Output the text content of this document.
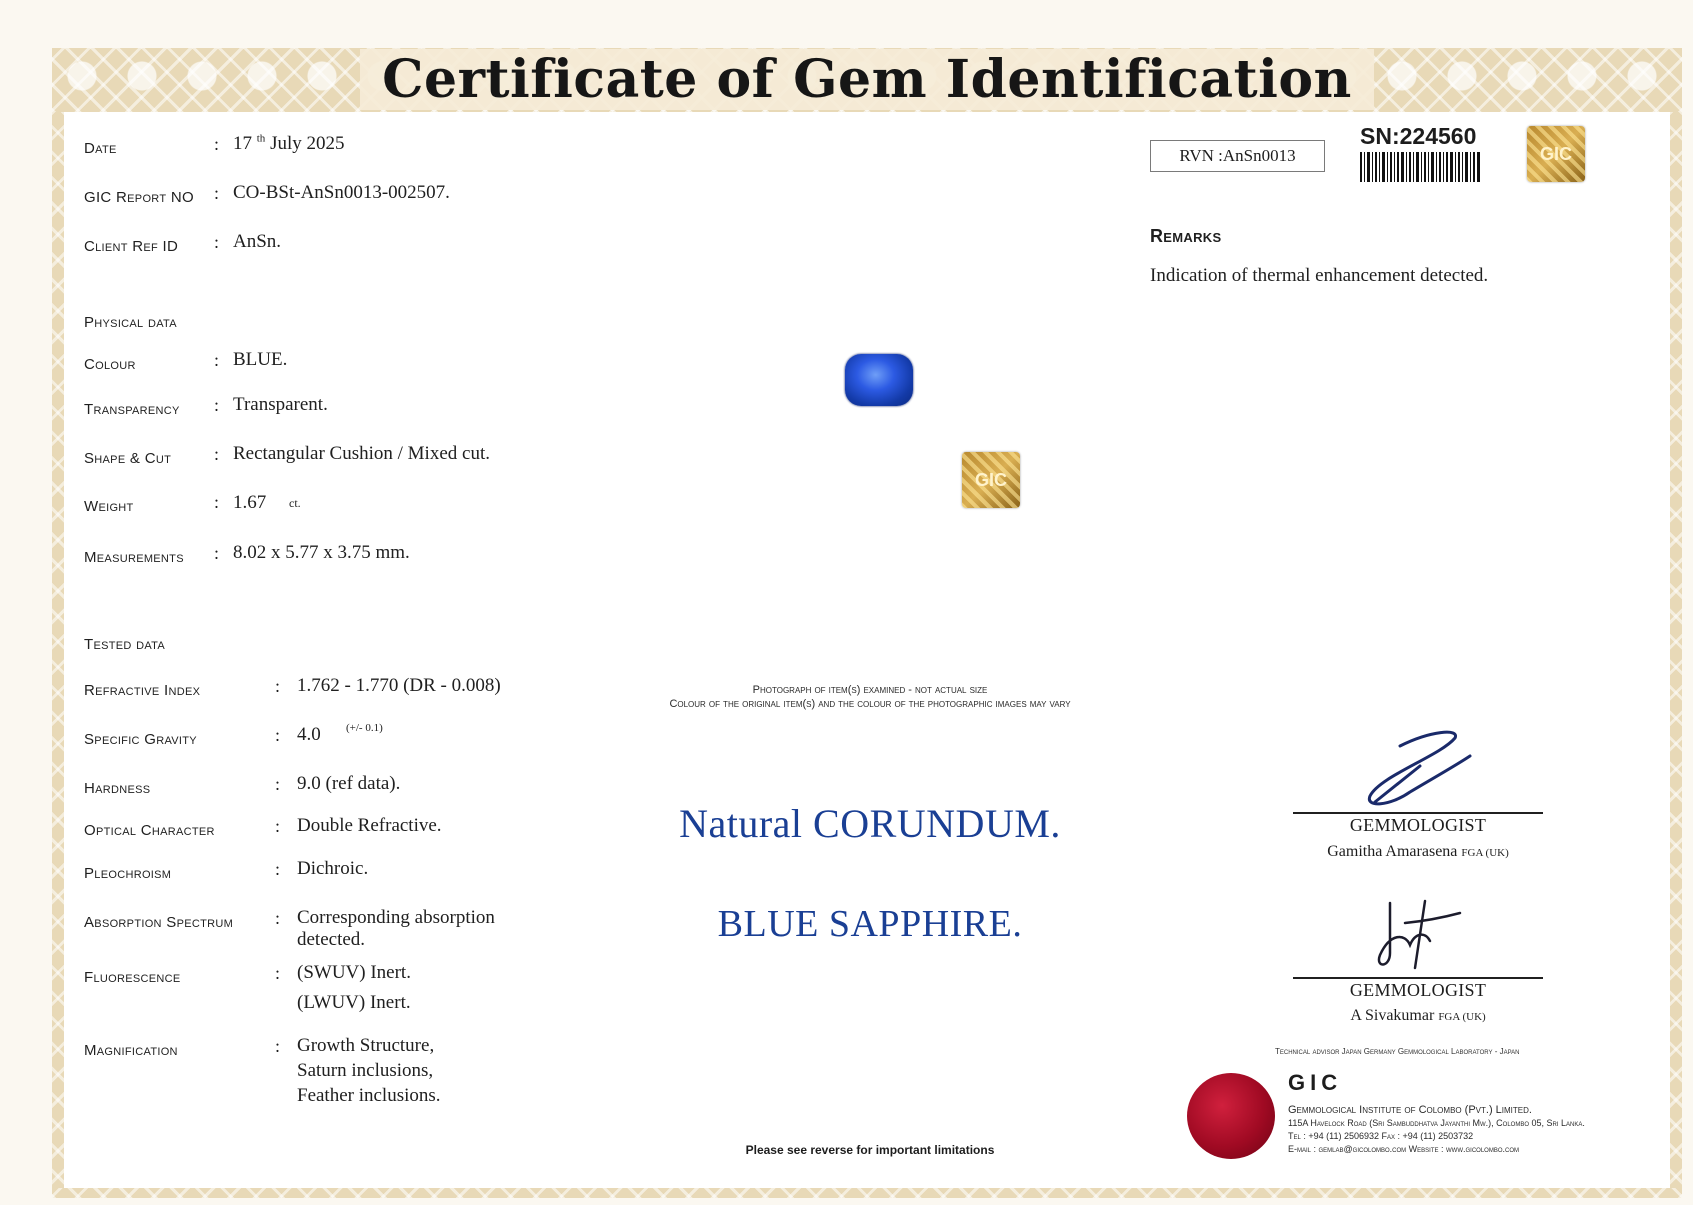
Certificate of Gem Identification
Date	: 17 $^{th}$ July 2025
GIC Report NO : CO-BSt-AnSn0013-002507.
Client Ref ID : AnSn.
Physical data
Colour	: BLUE.
Transparency : Transparent.
Shape & Cut : Rectangular Cushion / Mixed cut.
Weight	: 1.67 ct.
Measurements : 8.02 x 5.77 x 3.75 mm.
Tested data
Refractive Index	: 1.762 - 1.770 (DR - 0.008)
Specific Gravity	: 4.0 (+/- 0.1)
Hardness	: 9.0 (ref data).
Optical Character	: Double Refractive.
Pleochroism	: Dichroic.
Absorption Spectrum : Corresponding absorption
detected.
Fluorescence	: (SWUV) Inert.
(LWUV) Inert.
Magnification	: Growth Structure,
Saturn inclusions,
Feather inclusions.
RVN :AnSn0013
SN:224560
GIC
Remarks
Indication of thermal enhancement detected.
GIC
Photograph of item(s) examined - not actual size
Colour of the original item(s) and the colour of the photographic images may vary
Natural CORUNDUM.
BLUE SAPPHIRE.
Please see reverse for important limitations
GEMMOLOGIST
Gamitha Amarasena FGA (UK)
GEMMOLOGIST
A Sivakumar FGA (UK)
Technical advisor Japan Germany Gemmological Laboratory - Japan
GIC
Gemmological Institute of Colombo (Pvt.) Limited.
115A Havelock Road (Sri Sambuddhatva Jayanthi Mw.), Colombo 05, Sri Lanka.
Tel : +94 (11) 2506932 Fax : +94 (11) 2503732
E-mail : gemlab@gicolombo.com Website : www.gicolombo.com
